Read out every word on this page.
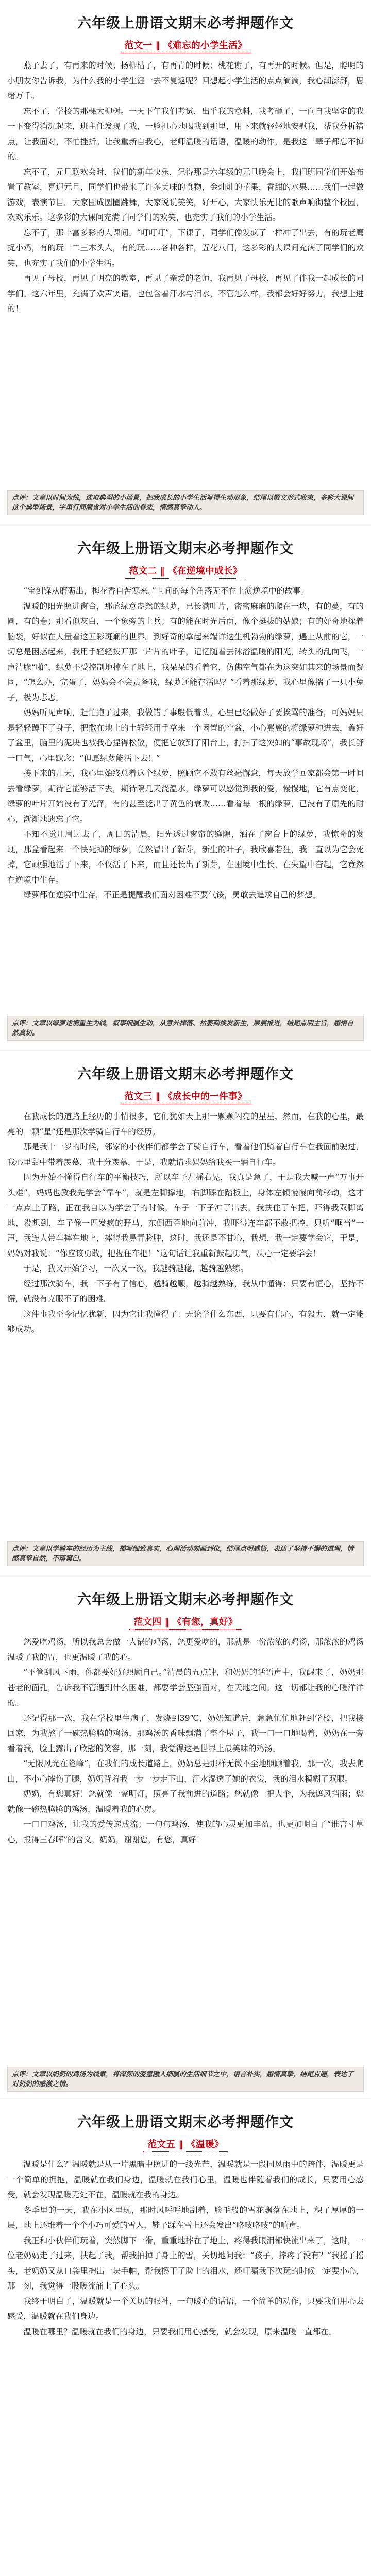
六年级上册语文期末必考押题作文
范文一 ‖ 《难忘的小学生活》

燕子去了，有再来的时候；杨柳枯了，有再青的时候；桃花谢了，有再开的时候。但是，聪明的小朋友你告诉我，为什么我的小学生涯一去不复返呢？回想起小学生活的点点滴滴，我心潮澎湃，思绪万千。

忘不了，学校的那棵大柳树。一天下午我们考试，出乎我的意料，我考砸了，一向自我坚定的我一下变得消沉起来，班主任发现了我，一脸担心地喝我到那里，用下来就轻轻地安慰我，帮我分析错点，让我面对，不怕挫折。让我重新自我心，老师温暖的话语，温暖的动作，是我这一辈子都忘不掉的。

忘不了，元旦联欢会时，我们的新年快乐，记得那是六年级的元旦晚会上，我们班同学们开始布置了教室，喜迎元旦，同学们也带来了许多美味的食物，金灿灿的苹果，香甜的水果……我们一起做游戏，表演节目。大家围成圆圈跳舞，大家说说笑笑，好开心，大家快乐无比的歌声响彻整个校园，欢欢乐乐。这多彩的大课间充满了同学们的欢笑，也充实了我们的小学生活。

忘不了，那丰富多彩的大课间。“叮叮叮”，下课了，同学们像发疯了一样冲了出去，有的玩老鹰捉小鸡，有的玩一二三木头人，有的玩……各种各样，五花八门，这多彩的大课间充满了同学们的欢笑，也充实了我们的小学生活。

再见了母校，再见了明亮的教室，再见了亲爱的老师，我再见了母校，再见了伴我一起成长的同学们。这六年里，充满了欢声笑语，也包含着汗水与泪水，不管怎么样，我都会好好努力，我想上进的！

点评：文章以时间为线，选取典型的小场景，把我成长的小学生活写得生动形象，结尾以散文形式收束，多彩大课间这个典型场景，字里行间满含对小学生活的眷恋，情感真挚动人。
六年级上册语文期末必考押题作文
范文二 ‖ 《在逆境中成长》

“宝剑锋从磨砺出，梅花香自苦寒来。”世间的每个角落无不在上演逆境中的故事。

温暖的阳光照进窗台，那蓝绿意盎然的绿萝，已长满叶片，密密麻麻的爬在一块，有的蔓，有的圆，有的卷；那看似灰白，一个象旁的土兵；有的能在时光后面，像个挺拔的姑娘；有的好奇地探着脑袋，好似在大量着这五彩斑斓的世界。到好奇的拿起来端详这生机勃勃的绿萝，遇上从前的它，一切总是困惑起来，我用手轻轻拨开那一片片的叶子，记忆随着去沐浴温暖的阳光，转头的乱向飞，一声清脆“啪”，绿萝不受控制地掉在了地上，我呆呆的看着它，仿佛空气都在为这突如其来的场景而凝固，“怎么办，完蛋了，妈妈会不会责备我，绿萝还能存活吗？”看着那绿萝，我心里像揣了一只小兔子，极为忐忑。

妈妈听见声响，赶忙跑了过来，我做错了事般低着头，心里已经做好了要挨骂的准备，可妈妈只是轻轻蹲下了身子，把撒在地上的土轻轻用手拿来一个闲置的空盆，小心翼翼的将绿萝种进去，盖好了盆里，脑里的泥块也被我心捏得松散，便把它放到了阳台上，打扫了这突如的“事故现场”，我长舒一口气，心里默念：“但愿绿萝能活下去！”

接下来的几天，我心里始终总着这个绿萝，照顾它不敢有丝毫懈怠，每天放学回家都会第一时间去看绿萝，期待它能够活下去，期待隔几天浇温水，绿萝可以感觉到我的爱，慢慢地，它有点变化，绿萝的叶片开始没有了光泽，有的甚至泛出了黄色的衰败……看着每一根的绿萝，已没有了原先的耐心，渐渐地遗忘了它。

不知不觉几周过去了，周日的清晨，阳光透过窗帘的缝隙，洒在了窗台上的绿萝，我惊奇的发现，那盆看起来一个快死掉的绿萝，竟然冒出了新芽，新生的叶子，我欣喜若狂，我一直以为它会死掉，它顽强地活了下来，不仅活了下来，而且还长出了新芽，在困境中生长，在失望中奋起，它竟然在逆境中生存。

绿萝都在逆境中生存，不正是提醒我们面对困难不要气馁，勇敢去追求自己的梦想。

点评：文章以绿萝逆境重生为线，叙事细腻生动，从意外摔落、枯萎到焕发新生，层层推进，结尾点明主旨，感悟自然真切。
六年级上册语文期末必考押题作文
范文三 ‖ 《成长中的一件事》

在我成长的道路上经历的事情很多，它们犹如天上那一颗颗闪亮的星星，然而，在我的心里，最亮的一颗“星”还是那次学骑自行车的经历。

那是我十一岁的时候，邻家的小伙伴们都学会了骑自行车，看着他们骑着自行车在我面前驶过，我心里甜中带着羡慕，我十分羡慕，于是，我就请求妈妈给我买一辆自行车。

因为开始不懂得自行车的平衡技巧，所以车子左摇右晃，我真是急了，于是我大喊一声“万事开头难”，妈妈也教我先学会“靠车”，就是左脚撑地，右脚踩在踏板上，身体左倾慢慢向前移动，这才一点点上了路，正在我自以为学会了的时候，车子一下子冲了出去，我扶住了车把，吓得我双脚离地，没想到，车子像一匹发疯的野马，东倒西歪地向前冲，我吓得连车都不敢把控，只听“哐当”一声，我连人带车摔在地上，摔得我鼻青脸肿，这时，我还是不甘心，我想，我一定要学会它，于是，妈妈对我说：“你应该勇敢，把握住车把！”这句话让我重新鼓起勇气，决心一定要学会！

于是，我又开始学习，一次又一次，我越骑越稳，越骑越熟练。

经过那次骑车，我一下子有了信心，越骑越顺，越骑越熟练，我从中懂得：只要有恒心，坚持不懈，就没有克服不了的困难。

这件事我至今记忆犹新，因为它让我懂得了：无论学什么东西，只要有信心，有毅力，就一定能够成功。

点评：文章以学骑车的经历为主线，描写细致真实，心理活动刻画到位，结尾点明感悟，表达了坚持不懈的道理，情感真挚自然，不落窠臼。
六年级上册语文期末必考押题作文
范文四 ‖ 《有您，真好》

您爱吃鸡汤，所以我总会做一大锅的鸡汤，您更爱吃的，那就是一份浓浓的鸡汤，那浓浓的鸡汤温暖了我的胃，也更温暖了我的心。

“不管刮风下雨，你都要好好照顾自己。”清晨的五点钟，和奶奶的话语声中，我醒来了，奶奶那苍老的面孔，告诉我不管遇到什么困难，都要学会坚强面对，在天地之间。这一切都让我的心暖洋洋的。

还记得那一次，我在学校里生病了，发烧到39℃，奶奶知道后，急急忙忙地赶到学校，把我接回家，为我熬了一碗热腾腾的鸡汤，那鸡汤的香味飘满了整个屋子，我一口一口地喝着，奶奶在一旁看着我，脸上露出了欣慰的笑容，那一刻，我觉得这是世界上最美味的鸡汤。

“无限风光在险峰”，在我们的成长道路上，奶奶总是那样无微不至地照顾着我，那一次，我去爬山，不小心摔伤了腿，奶奶背着我一步一步走下山，汗水湿透了她的衣裳，我的泪水模糊了双眼。

奶奶，有您真好！您就像一盏明灯，照亮了我前进的道路；您就像一把大伞，为我遮风挡雨；您就像一碗热腾腾的鸡汤，温暖着我的心房。

一口口鸡汤，让我的爱传递成流；一句句鸡汤，使我的心灵更加丰盈，也更加明白了“谁言寸草心，报得三春晖”的含义，奶奶，谢谢您，有您，真好！

点评：文章以奶奶的鸡汤为线索，将深深的爱意融入细腻的生活细节之中，语言朴实，感情真挚，结尾点题，表达了对奶奶的感激之情。
六年级上册语文期末必考押题作文
范文五 ‖ 《温暖》

温暖是什么？温暖就是从一片黑暗中照进的一缕光芒，温暖就是一段同风雨中的陪伴，温暖更是一个简单的拥抱，温暖就在我们身边，温暖就在我们心里，温暖也伴随着我们的成长，只要用心感受，就会发现温暖无处不在，温暖就在我的身边。

冬季里的一天，我在小区里玩，那时风呼呼地刮着，脸毛般的雪花飘落在地上，积了厚厚的一层，地上还堆着一个个小巧可爱的雪人，鞋子踩在雪上还会发出“咯吱咯吱”的响声。

我正和小伙伴们玩着，突然脚下一滑，重重地摔在了地上，疼得我眼泪都快流出来了，这时，一位老奶奶走了过来，扶起了我，帮我拍掉了身上的雪，关切地问我：“孩子，摔疼了没有？”我摇了摇头，老奶奶又从口袋里掏出一块手帕，帮我擦干了脸上的泪水，还叮嘱我下次玩的时候一定要小心，那一刻，我觉得一股暖流涌上了心头。

我终于明白了，温暖就是一个关切的眼神，一句暖心的话语，一个简单的动作，只要我们用心去感受，温暖就在我们身边。

温暖在哪里？温暖就在我们的身边，只要我们用心感受，就会发现，原来温暖一直都在。

精品教育
